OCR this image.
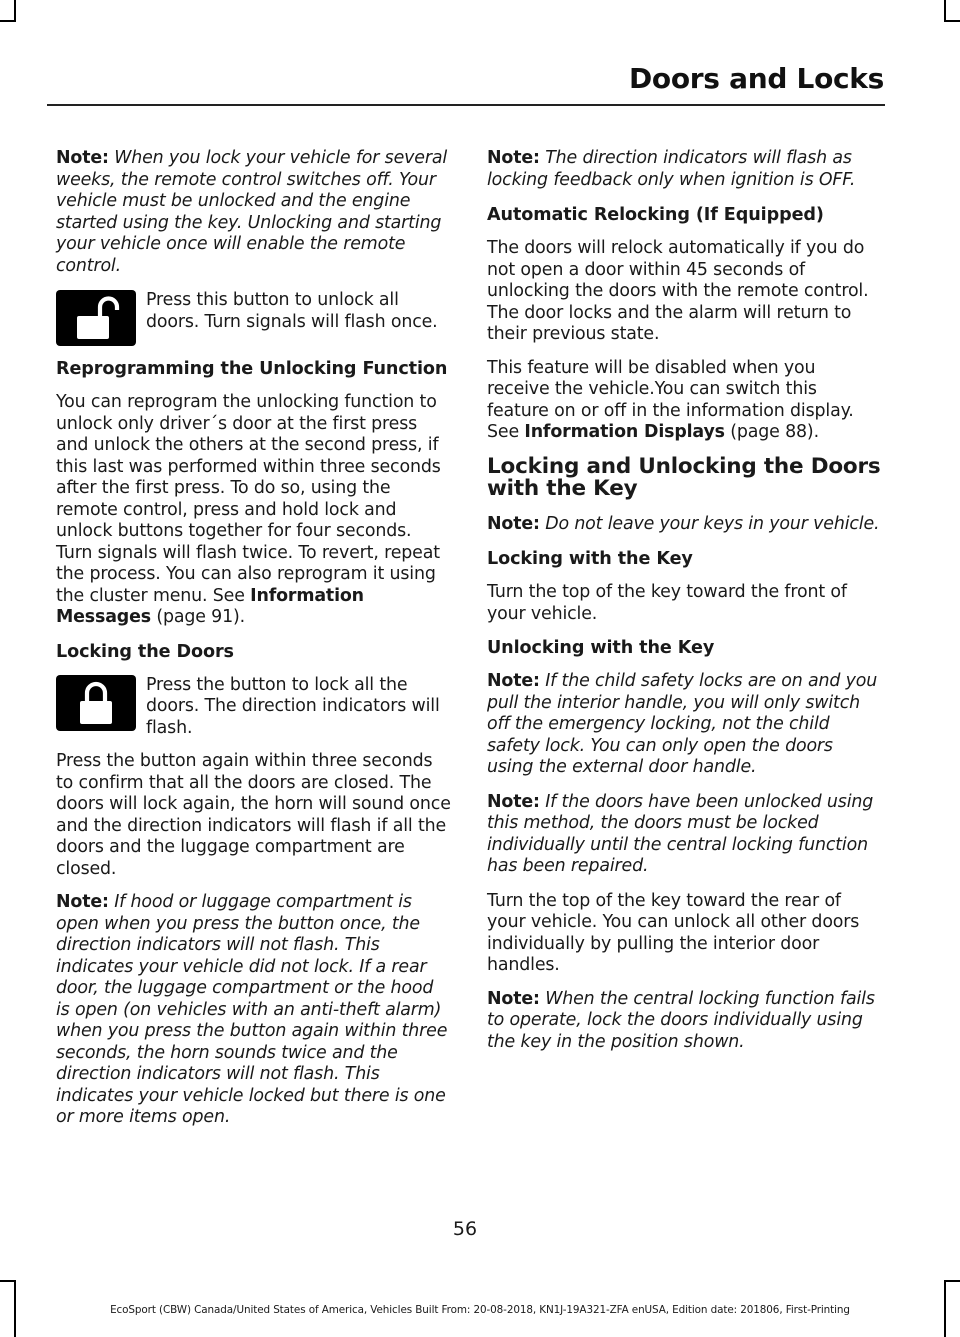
Doors and Locks

Note: When you lock your vehicle for several weeks, the remote control switches off. Your vehicle must be unlocked and the engine started using the key. Unlocking and starting your vehicle once will enable the remote control.

Press this button to unlock all doors. Turn signals will flash once.

Reprogramming the Unlocking Function

You can reprogram the unlocking function to unlock only driver´s door at the first press and unlock the others at the second press, if this last was performed within three seconds after the first press. To do so, using the remote control, press and hold lock and unlock buttons together for four seconds. Turn signals will flash twice. To revert, repeat the process. You can also reprogram it using the cluster menu. See Information Messages (page 91).

Locking the Doors

Press the button to lock all the doors. The direction indicators will flash.

Press the button again within three seconds to confirm that all the doors are closed. The doors will lock again, the horn will sound once and the direction indicators will flash if all the doors and the luggage compartment are closed.

Note: If hood or luggage compartment is open when you press the button once, the direction indicators will not flash. This indicates your vehicle did not lock. If a rear door, the luggage compartment or the hood is open (on vehicles with an anti-theft alarm) when you press the button again within three seconds, the horn sounds twice and the direction indicators will not flash. This indicates your vehicle locked but there is one or more items open.

Note: The direction indicators will flash as locking feedback only when ignition is OFF.

Automatic Relocking (If Equipped)

The doors will relock automatically if you do not open a door within 45 seconds of unlocking the doors with the remote control. The door locks and the alarm will return to their previous state.

This feature will be disabled when you receive the vehicle.You can switch this feature on or off in the information display. See Information Displays (page 88).

Locking and Unlocking the Doors with the Key

Note: Do not leave your keys in your vehicle.

Locking with the Key

Turn the top of the key toward the front of your vehicle.

Unlocking with the Key

Note: If the child safety locks are on and you pull the interior handle, you will only switch off the emergency locking, not the child safety lock. You can only open the doors using the external door handle.

Note: If the doors have been unlocked using this method, the doors must be locked individually until the central locking function has been repaired.

Turn the top of the key toward the rear of your vehicle. You can unlock all other doors individually by pulling the interior door handles.

Note: When the central locking function fails to operate, lock the doors individually using the key in the position shown.

56
EcoSport (CBW) Canada/United States of America, Vehicles Built From: 20-08-2018, KN1J-19A321-ZFA enUSA, Edition date: 201806, First-Printing
